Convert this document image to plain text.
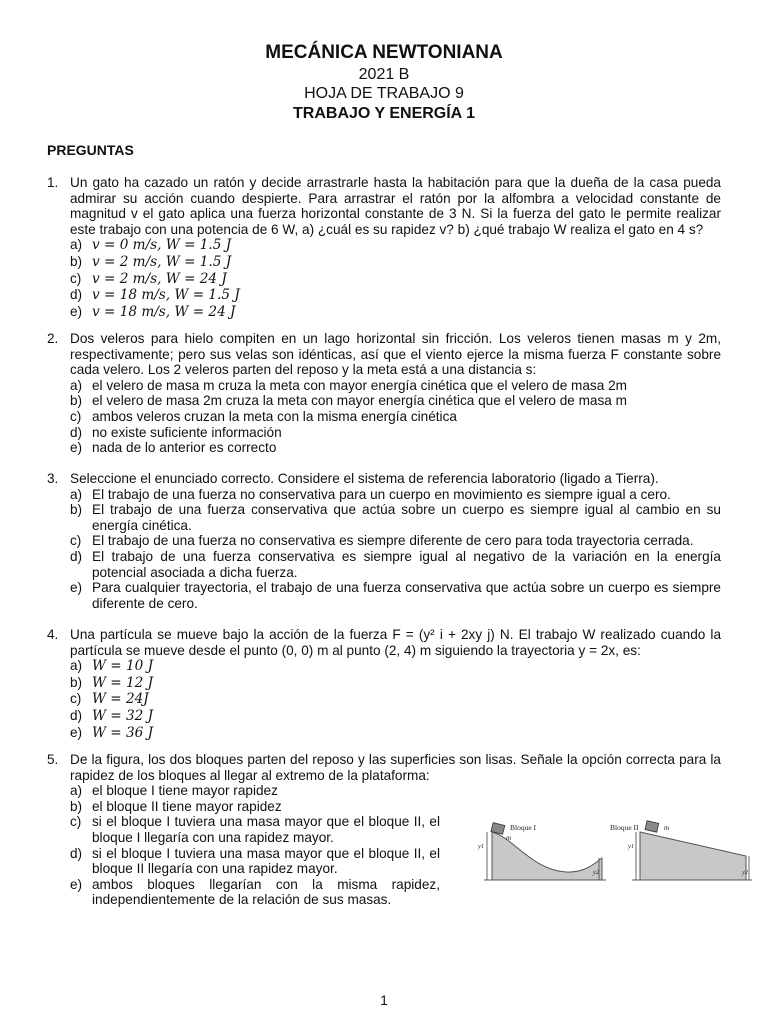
MECÁNICA NEWTONIANA
2021 B
HOJA DE TRABAJO 9
TRABAJO Y ENERGÍA 1
PREGUNTAS
1. Un gato ha cazado un ratón y decide arrastrarle hasta la habitación para que la dueña de la casa pueda admirar su acción cuando despierte. Para arrastrar el ratón por la alfombra a velocidad constante de magnitud v el gato aplica una fuerza horizontal constante de 3 N. Si la fuerza del gato le permite realizar este trabajo con una potencia de 6 W, a) ¿cuál es su rapidez v? b) ¿qué trabajo W realiza el gato en 4 s?
a) v = 0 m/s, W = 1.5 J
b) v = 2 m/s, W = 1.5 J
c) v = 2 m/s, W = 24 J
d) v = 18 m/s, W = 1.5 J
e) v = 18 m/s, W = 24 J
2. Dos veleros para hielo compiten en un lago horizontal sin fricción. Los veleros tienen masas m y 2m, respectivamente; pero sus velas son idénticas, así que el viento ejerce la misma fuerza F constante sobre cada velero. Los 2 veleros parten del reposo y la meta está a una distancia s:
a) el velero de masa m cruza la meta con mayor energía cinética que el velero de masa 2m
b) el velero de masa 2m cruza la meta con mayor energía cinética que el velero de masa m
c) ambos veleros cruzan la meta con la misma energía cinética
d) no existe suficiente información
e) nada de lo anterior es correcto
3. Seleccione el enunciado correcto. Considere el sistema de referencia laboratorio (ligado a Tierra).
a) El trabajo de una fuerza no conservativa para un cuerpo en movimiento es siempre igual a cero.
b) El trabajo de una fuerza conservativa que actúa sobre un cuerpo es siempre igual al cambio en su energía cinética.
c) El trabajo de una fuerza no conservativa es siempre diferente de cero para toda trayectoria cerrada.
d) El trabajo de una fuerza conservativa es siempre igual al negativo de la variación en la energía potencial asociada a dicha fuerza.
e) Para cualquier trayectoria, el trabajo de una fuerza conservativa que actúa sobre un cuerpo es siempre diferente de cero.
4. Una partícula se mueve bajo la acción de la fuerza F = (y² i + 2xy j) N. El trabajo W realizado cuando la partícula se mueve desde el punto (0, 0) m al punto (2, 4) m siguiendo la trayectoria y = 2x, es:
a) W = 10 J
b) W = 12 J
c) W = 24J
d) W = 32 J
e) W = 36 J
5. De la figura, los dos bloques parten del reposo y las superficies son lisas. Señale la opción correcta para la rapidez de los bloques al llegar al extremo de la plataforma:
a) el bloque I tiene mayor rapidez
b) el bloque II tiene mayor rapidez
c) si el bloque I tuviera una masa mayor que el bloque II, el bloque I llegaría con una rapidez mayor.
d) si el bloque I tuviera una masa mayor que el bloque II, el bloque II llegaría con una rapidez mayor.
e) ambos bloques llegarían con la misma rapidez, independientemente de la relación de sus masas.
Bloque I
m
y1
y2
Bloque II	m
y1
y2
1
